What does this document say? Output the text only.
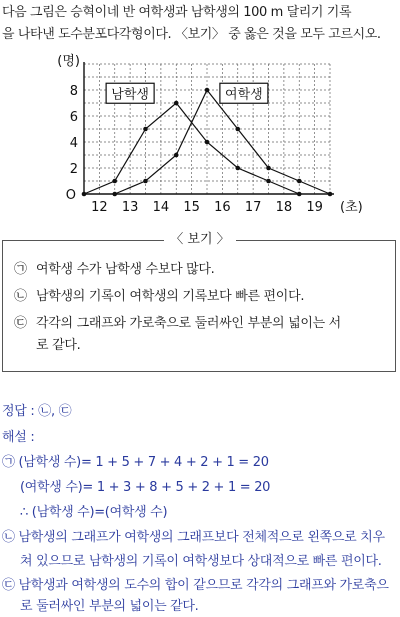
다음 그림은 승혁이네 반 여학생과 남학생의 100 m 달리기 기록
을 나타낸 도수분포다각형이다. 〈보기〉 중 옳은 것을 모두 고르시오.
12 13 14 15 16 17 18 19
2
4
6
8
O
(명)
(초)
남학생	여학생
〈 보기 〉
㉠ 여학생 수가 남학생 수보다 많다.
㉡ 남학생의 기록이 여학생의 기록보다 빠른 편이다.
㉢ 각각의 그래프와 가로축으로 둘러싸인 부분의 넓이는 서
로 같다.
정답 : ㉡, ㉢
해설 :
㉠ (남학생 수)= 1 + 5 + 7 + 4 + 2 + 1 = 20
(여학생 수)= 1 + 3 + 8 + 5 + 2 + 1 = 20
∴ (남학생 수)=(여학생 수)
㉡ 남학생의 그래프가 여학생의 그래프보다 전체적으로 왼쪽으로 치우
쳐 있으므로 남학생의 기록이 여학생보다 상대적으로 빠른 편이다.
㉢ 남학생과 여학생의 도수의 합이 같으므로 각각의 그래프와 가로축으
로 둘러싸인 부분의 넓이는 같다.
